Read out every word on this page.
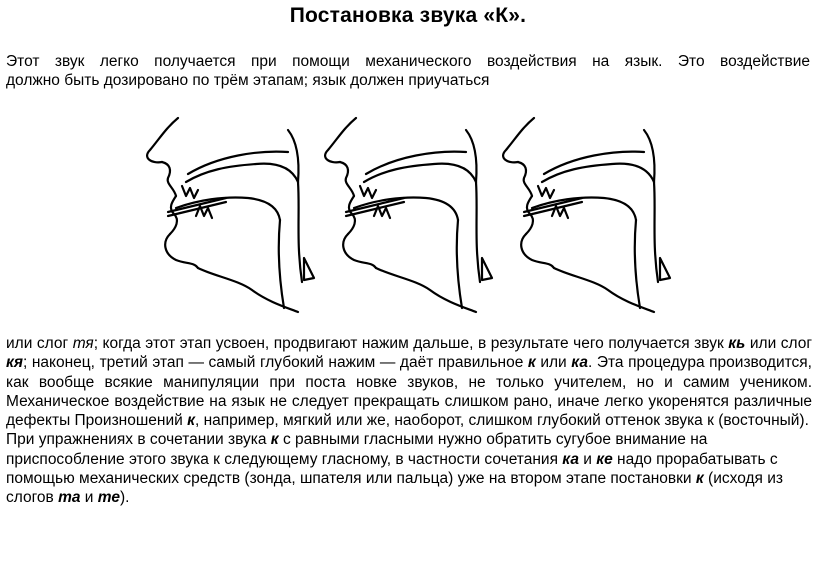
Постановка звука «К».

Этот звук легко получается при помощи механического воздействия на язык. Это воздействие

должно быть дозировано по трём этапам; язык должен приучаться

или слог тя; когда этот этап усвоен, продвигают нажим дальше, в результате чего получается звук кь или слог кя; наконец, третий этап — самый глубокий нажим — даёт правильное к или ка. Эта процедура производится, как вообще всякие манипуляции при поста новке звуков, не только учителем, но и самим учеником. Механическое воздействие на язык не следует прекращать слишком рано, иначе легко укоренятся различные дефекты Произношений к, например, мягкий или же, наоборот, слишком глубокий оттенок звука к (восточный).

При упражнениях в сочетании звука к с равными гласными нужно обратить сугубое внимание на приспособление этого звука к следующему гласному, в частности сочетания ка и ке надо прорабатывать с помощью механических средств (зонда, шпателя или пальца) уже на втором этапе постановки к (исходя из слогов та и те).
